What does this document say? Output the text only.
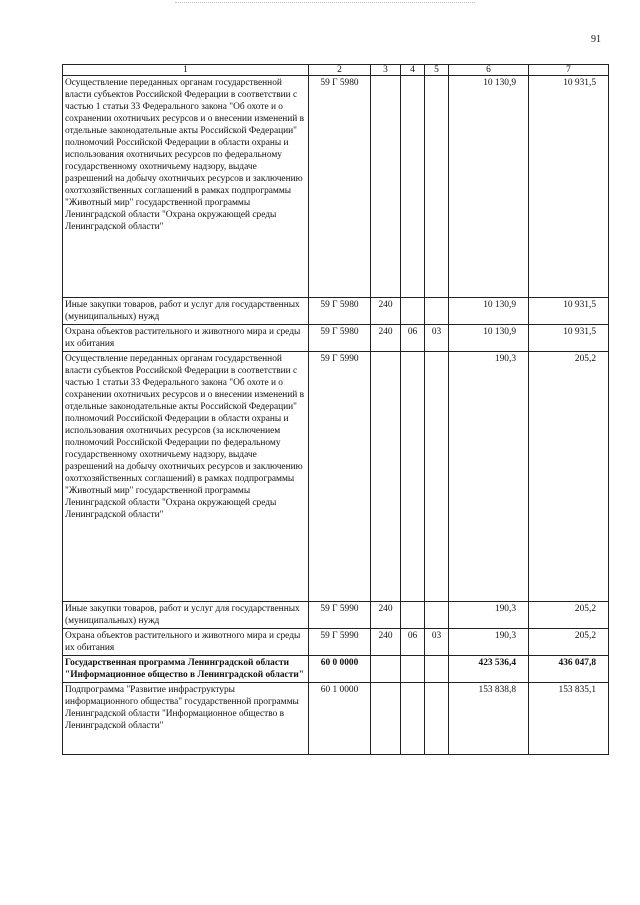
91
1	2	3	4	5	6	7
Осуществление переданных органам государственной власти субъектов Российской Федерации в соответствии с частью 1 статьи 33 Федерального закона "Об охоте и о сохранении охотничьих ресурсов и о внесении изменений в отдельные законодательные акты Российской Федерации" полномочий Российской Федерации в области охраны и использования охотничьих ресурсов по федеральному государственному охотничьему надзору, выдаче разрешений на добычу охотничьих ресурсов и заключению охотхозяйственных соглашений в рамках подпрограммы "Животный мир" государственной программы Ленинградской области "Охрана окружающей среды Ленинградской области"	59 Г 5980				10 130,9	10 931,5
Иные закупки товаров, работ и услуг для государственных (муниципальных) нужд	59 Г 5980	240			10 130,9	10 931,5
Охрана объектов растительного и животного мира и среды их обитания	59 Г 5980	240	06	03	10 130,9	10 931,5
Осуществление переданных органам государственной власти субъектов Российской Федерации в соответствии с частью 1 статьи 33 Федерального закона "Об охоте и о сохранении охотничьих ресурсов и о внесении изменений в отдельные законодательные акты Российской Федерации" полномочий Российской Федерации в области охраны и использования охотничьих ресурсов (за исключением полномочий Российской Федерации по федеральному государственному охотничьему надзору, выдаче разрешений на добычу охотничьих ресурсов и заключению охотхозяйственных соглашений) в рамках подпрограммы "Животный мир" государственной программы Ленинградской области "Охрана окружающей среды Ленинградской области"	59 Г 5990				190,3	205,2
Иные закупки товаров, работ и услуг для государственных (муниципальных) нужд	59 Г 5990	240			190,3	205,2
Охрана объектов растительного и животного мира и среды их обитания	59 Г 5990	240	06	03	190,3	205,2
Государственная программа Ленинградской области "Информационное общество в Ленинградской области"	60 0 0000				423 536,4	436 047,8
Подпрограмма "Развитие инфраструктуры информационного общества" государственной программы Ленинградской области "Информационное общество в Ленинградской области"	60 1 0000				153 838,8	153 835,1
